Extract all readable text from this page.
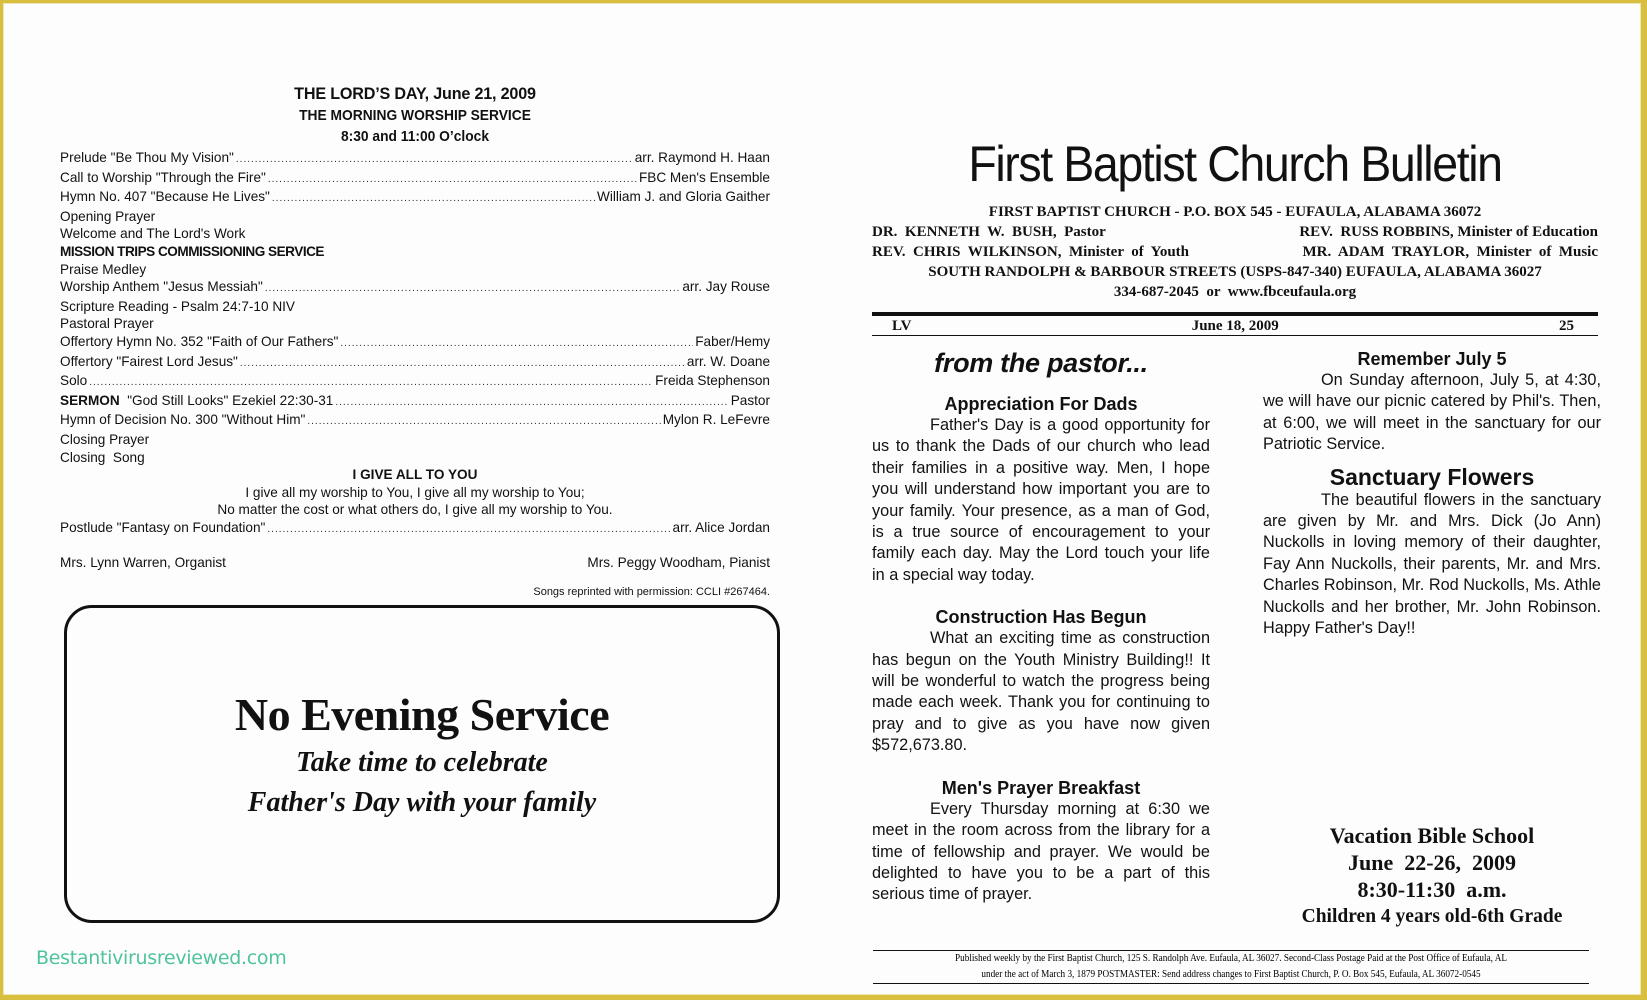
THE LORD’S DAY, June 21, 2009
THE MORNING WORSHIP SERVICE
8:30 and 11:00 O’clock
Prelude "Be Thou My Vision" .....	arr. Raymond H. Haan
Call to Worship "Through the Fire" .....	FBC Men's Ensemble
Hymn No. 407 "Because He Lives" .....	William J. and Gloria Gaither
Opening Prayer
Welcome and The Lord's Work
MISSION TRIPS COMMISSIONING SERVICE
Praise Medley
Worship Anthem "Jesus Messiah" .....	arr. Jay Rouse
Scripture Reading - Psalm 24:7-10 NIV
Pastoral Prayer
Offertory Hymn No. 352 "Faith of Our Fathers" .....	Faber/Hemy
Offertory "Fairest Lord Jesus" .....	arr. W. Doane
Solo .....	Freida Stephenson
SERMON  "God Still Looks" Ezekiel 22:30-31 .....	Pastor
Hymn of Decision No. 300 "Without Him" .....	Mylon R. LeFevre
Closing Prayer
Closing  Song
I GIVE ALL TO YOU
I give all my worship to You, I give all my worship to You;
No matter the cost or what others do, I give all my worship to You.
Postlude "Fantasy on Foundation" .....	arr. Alice Jordan
Mrs. Lynn Warren, Organist	Mrs. Peggy Woodham, Pianist
Songs reprinted with permission: CCLI #267464.
No Evening Service
Take time to celebrate
Father's Day with your family
Bestantivirusreviewed.com
First Baptist Church Bulletin
FIRST BAPTIST CHURCH - P.O. BOX 545 - EUFAULA, ALABAMA 36072
DR.  KENNETH  W.  BUSH,  Pastor	REV.  RUSS ROBBINS, Minister of Education
REV.  CHRIS  WILKINSON,  Minister  of  Youth	MR.  ADAM  TRAYLOR,  Minister  of  Music
SOUTH RANDOLPH & BARBOUR STREETS (USPS-847-340) EUFAULA, ALABAMA 36027
334-687-2045  or  www.fbceufaula.org
LV	June 18, 2009	25
from the pastor...
Appreciation For Dads
Father's Day is a good opportunity for us to thank the Dads of our church who lead their families in a positive way. Men, I hope you will understand how important you are to your family. Your presence, as a man of God, is a true source of encouragement to your family each day. May the Lord touch your life in a special way today.
Construction Has Begun
What an exciting time as construction has begun on the Youth Ministry Building!! It will be wonderful to watch the progress being made each week. Thank you for continuing to pray and to give as you have now given $572,673.80.
Men's Prayer Breakfast
Every Thursday morning at 6:30 we meet in the room across from the library for a time of fellowship and prayer. We would be delighted to have you to be a part of this serious time of prayer.
Remember July 5
On Sunday afternoon, July 5, at 4:30, we will have our picnic catered by Phil's. Then, at 6:00, we will meet in the sanctuary for our Patriotic Service.
Sanctuary Flowers
The beautiful flowers in the sanctuary are given by Mr. and Mrs. Dick (Jo Ann) Nuckolls in loving memory of their daughter, Fay Ann Nuckolls, their parents, Mr. and Mrs. Charles Robinson, Mr. Rod Nuckolls, Ms. Athle Nuckolls and her brother, Mr. John Robinson. Happy Father's Day!!
Vacation Bible School
June  22-26,  2009
8:30-11:30  a.m.
Children 4 years old-6th Grade
Published weekly by the First Baptist Church, 125 S. Randolph Ave. Eufaula, AL 36027. Second-Class Postage Paid at the Post Office of Eufaula, AL
under the act of March 3, 1879 POSTMASTER: Send address changes to First Baptist Church, P. O. Box 545, Eufaula, AL 36072-0545
